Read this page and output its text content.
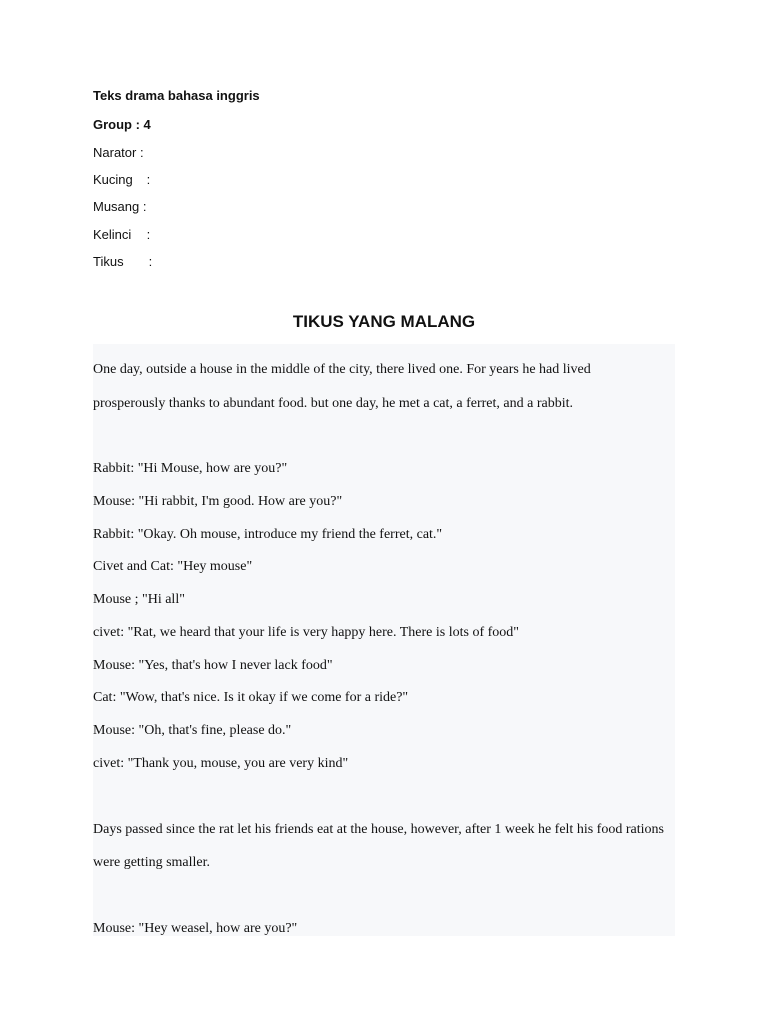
Teks drama bahasa inggris
Group : 4
Narator :
Kucing :
Musang :
Kelinci :
Tikus :
TIKUS YANG MALANG
One day, outside a house in the middle of the city, there lived one. For years he had lived
prosperously thanks to abundant food. but one day, he met a cat, a ferret, and a rabbit.
Rabbit: "Hi Mouse, how are you?"
Mouse: "Hi rabbit, I'm good. How are you?"
Rabbit: "Okay. Oh mouse, introduce my friend the ferret, cat."
Civet and Cat: "Hey mouse"
Mouse ; "Hi all"
civet: "Rat, we heard that your life is very happy here. There is lots of food"
Mouse: "Yes, that's how I never lack food"
Cat: "Wow, that's nice. Is it okay if we come for a ride?"
Mouse: "Oh, that's fine, please do."
civet: "Thank you, mouse, you are very kind"
Days passed since the rat let his friends eat at the house, however, after 1 week he felt his food rations
were getting smaller.
Mouse: "Hey weasel, how are you?"
